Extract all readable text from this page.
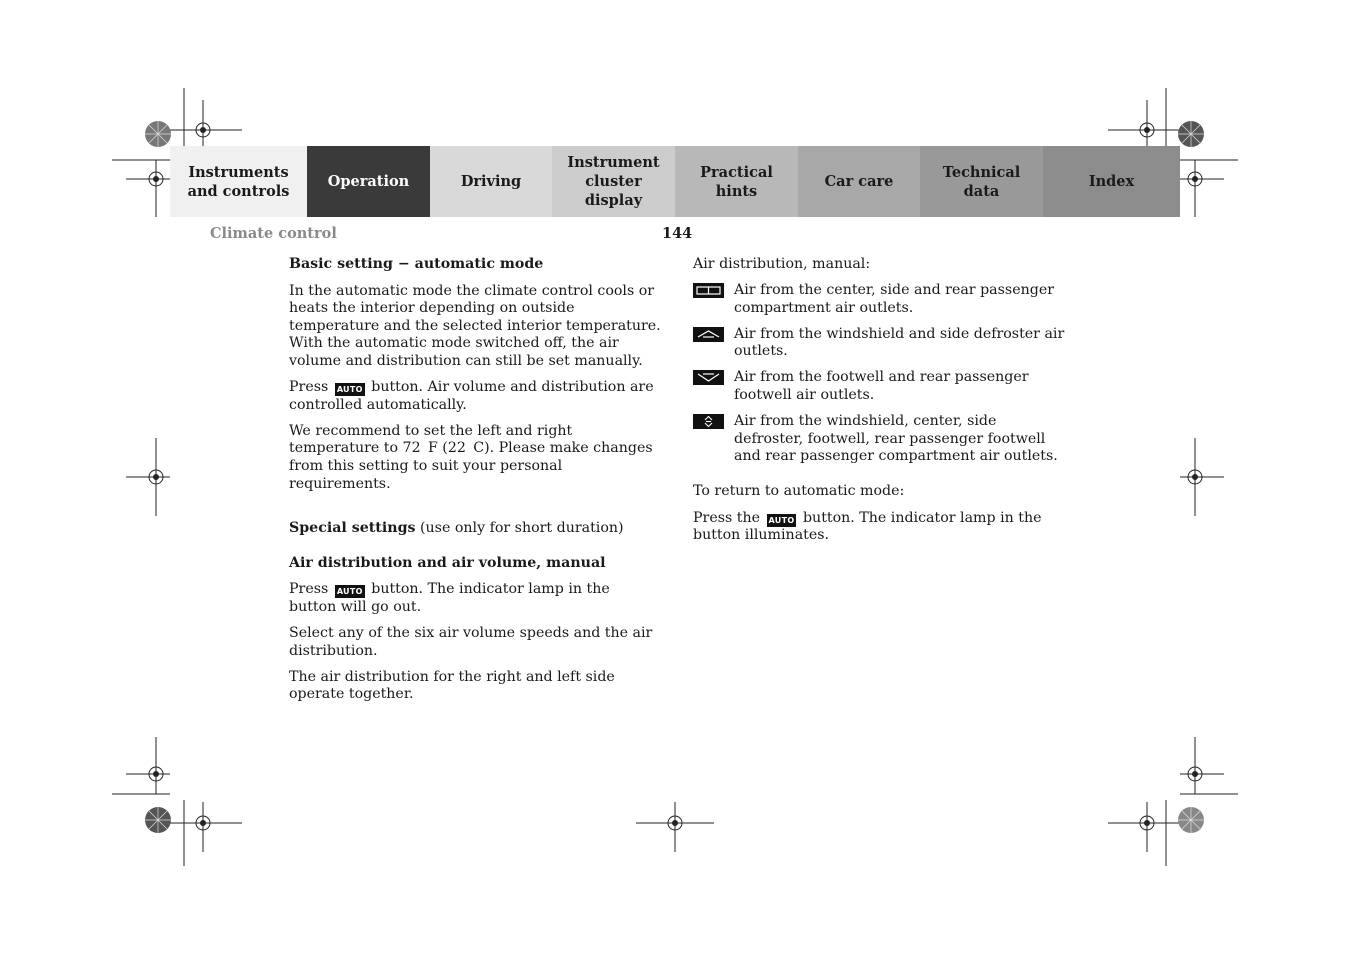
Instruments
and controls
Operation	Driving
Instrument
cluster display
Practical hints
Car care
Technical
data
Index
Climate control	144
Basic setting − automatic mode

In the automatic mode the climate control cools or heats the interior depending on outside temperature and the selected interior temperature. With the automatic mode switched off, the air volume and distribution can still be set manually.

Press AUTO button. Air volume and distribution are controlled automatically.

We recommend to set the left and right temperature to 72  F (22  C). Please make changes from this setting to suit your personal requirements.

Special settings (use only for short duration)

Air distribution and air volume, manual

Press AUTO button. The indicator lamp in the button will go out.

Select any of the six air volume speeds and the air distribution.

The air distribution for the right and left side operate together.

Air distribution, manual:

Air from the center, side and rear passenger compartment air outlets.
Air from the windshield and side defroster air outlets.
Air from the footwell and rear passenger footwell air outlets.
Air from the windshield, center, side defroster, footwell, rear passenger footwell and rear passenger compartment air outlets.

To return to automatic mode:

Press the AUTO button. The indicator lamp in the button illuminates.
